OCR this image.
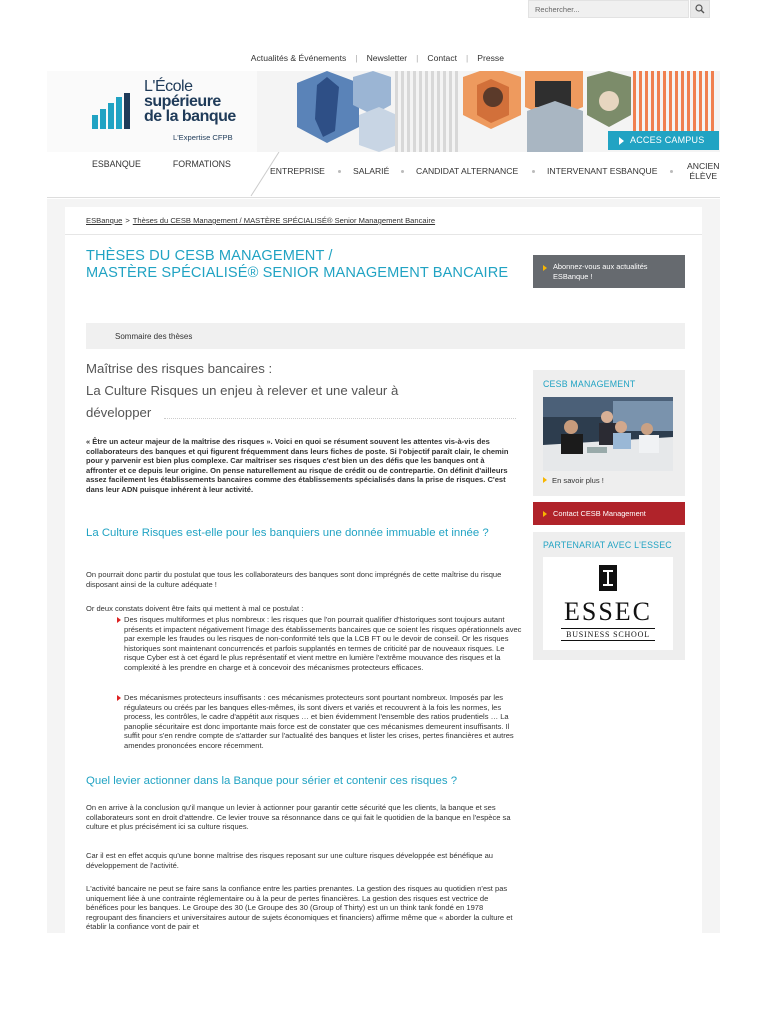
Actualités & Événements	|	Newsletter	|	Contact	|	Presse
Rechercher...
L'École
supérieure
de la banque
L'Expertise CFPB	ACCES CAMPUS
ESBANQUE	FORMATIONS
ENTREPRISE	SALARIÉ	CANDIDAT ALTERNANCE	INTERVENANT ESBANQUE	ANCIEN
ÉLÈVE
ESBanque > Thèses du CESB Management / MASTÈRE SPÉCIALISÉ® Senior Management Bancaire
THÈSES DU CESB MANAGEMENT /
MASTÈRE SPÉCIALISÉ® SENIOR MANAGEMENT BANCAIRE	Abonnez-vous aux actualités ESBanque !
Sommaire des thèses
Maîtrise des risques bancaires :
La Culture Risques un enjeu à relever et une valeur à
développer
« Être un acteur majeur de la maîtrise des risques ». Voici en quoi se résument souvent les attentes vis-à-vis des collaborateurs des banques et qui figurent fréquemment dans leurs fiches de poste. Si l'objectif paraît clair, le chemin pour y parvenir est bien plus complexe. Car maîtriser ses risques c'est bien un des défis que les banques ont à affronter et ce depuis leur origine. On pense naturellement au risque de crédit ou de contrepartie. On définit d'ailleurs assez facilement les établissements bancaires comme des établissements spécialisés dans la prise de risques. C'est dans leur ADN puisque inhérent à leur activité.
La Culture Risques est-elle pour les banquiers une donnée immuable et innée ?
On pourrait donc partir du postulat que tous les collaborateurs des banques sont donc imprégnés de cette maîtrise du risque disposant ainsi de la culture adéquate !
Or deux constats doivent être faits qui mettent à mal ce postulat :
Des risques multiformes et plus nombreux : les risques que l'on pourrait qualifier d'historiques sont toujours autant présents et impactent négativement l'image des établissements bancaires que ce soient les risques opérationnels avec par exemple les fraudes ou les risques de non-conformité tels que la LCB FT ou le devoir de conseil. Or les risques historiques sont maintenant concurrencés et parfois supplantés en termes de criticité par de nouveaux risques. Le risque Cyber est à cet égard le plus représentatif et vient mettre en lumière l'extrême mouvance des risques et la complexité à les prendre en charge et à concevoir des mécanismes protecteurs efficaces.
Des mécanismes protecteurs insuffisants : ces mécanismes protecteurs sont pourtant nombreux. Imposés par les régulateurs ou créés par les banques elles-mêmes, ils sont divers et variés et recouvrent à la fois les normes, les process, les contrôles, le cadre d'appétit aux risques … et bien évidemment l'ensemble des ratios prudentiels … La panoplie sécuritaire est donc importante mais force est de constater que ces mécanismes demeurent insuffisants. Il suffit pour s'en rendre compte de s'attarder sur l'actualité des banques et lister les crises, pertes financières et autres amendes prononcées encore récemment.
Quel levier actionner dans la Banque pour sérier et contenir ces risques ?
On en arrive à la conclusion qu'il manque un levier à actionner pour garantir cette sécurité que les clients, la banque et ses collaborateurs sont en droit d'attendre. Ce levier trouve sa résonnance dans ce qui fait le quotidien de la banque en l'espèce sa culture et plus précisément ici sa culture risques.
Car il est en effet acquis qu'une bonne maîtrise des risques reposant sur une culture risques développée est bénéfique au développement de l'activité.
L'activité bancaire ne peut se faire sans la confiance entre les parties prenantes. La gestion des risques au quotidien n'est pas uniquement liée à une contrainte réglementaire ou à la peur de pertes financières. La gestion des risques est vectrice de bénéfices pour les banques. Le Groupe des 30 (Le Groupe des 30 (Group of Thirty) est un un think tank fondé en 1978 regroupant des financiers et universitaires autour de sujets économiques et financiers) affirme même que « aborder la culture et établir la confiance vont de pair et
CESB MANAGEMENT
En savoir plus !
Contact CESB Management
PARTENARIAT AVEC L'ESSEC
ESSEC
BUSINESS SCHOOL
